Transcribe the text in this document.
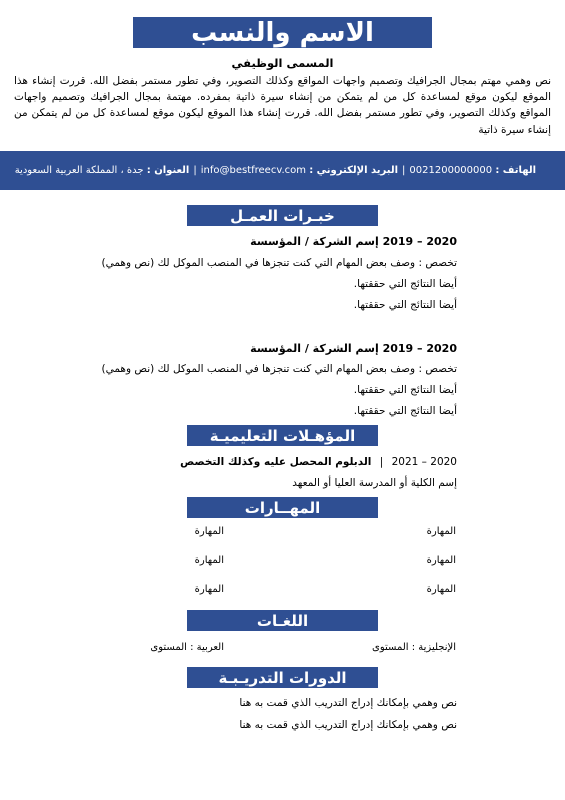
الاسم والنسب
المسمى الوظيفي
نص وهمي مهتم بمجال الجرافيك وتصميم واجهات المواقع وكذلك التصوير، وفي تطور مستمر بفضل الله. قررت إنشاء هذا الموقع ليكون موقع لمساعدة كل من لم يتمكن من إنشاء سيرة ذاتية بمفرده. مهتمة بمجال الجرافيك وتصميم واجهات المواقع وكذلك التصوير، وفي تطور مستمر بفضل الله. قررت إنشاء هذا الموقع ليكون موقع لمساعدة كل من لم يتمكن من إنشاء سيرة ذاتية
الهاتف :

0021200000000
|
البريد الإلكتروني :

info@bestfreecv.com
|
العنوان :

جدة ، المملكة العربية السعودية
خبـرات العمـل
2020 – 2019 إسم الشركة / المؤسسة
تخصص : وصف بعض المهام التي كنت تنجزها في المنصب الموكل لك (نص وهمي)
أيضا النتائج التي حققتها.
أيضا النتائج التي حققتها.
2020 – 2019 إسم الشركة / المؤسسة
تخصص : وصف بعض المهام التي كنت تنجزها في المنصب الموكل لك (نص وهمي)
أيضا النتائج التي حققتها.
أيضا النتائج التي حققتها.
المؤهـلات التعليميـة
2020 – 2021 | الدبلوم المحصل عليه وكذلك التخصص
إسم الكلية أو المدرسة العليا أو المعهد
المهــارات
المهارة
المهارة
المهارة
المهارة
المهارة
المهارة
اللغـات
الإنجليزية : المستوى
العربية : المستوى
الدورات التدريـبـة
نص وهمي بإمكانك إدراج التدريب الذي قمت به هنا
نص وهمي بإمكانك إدراج التدريب الذي قمت به هنا
